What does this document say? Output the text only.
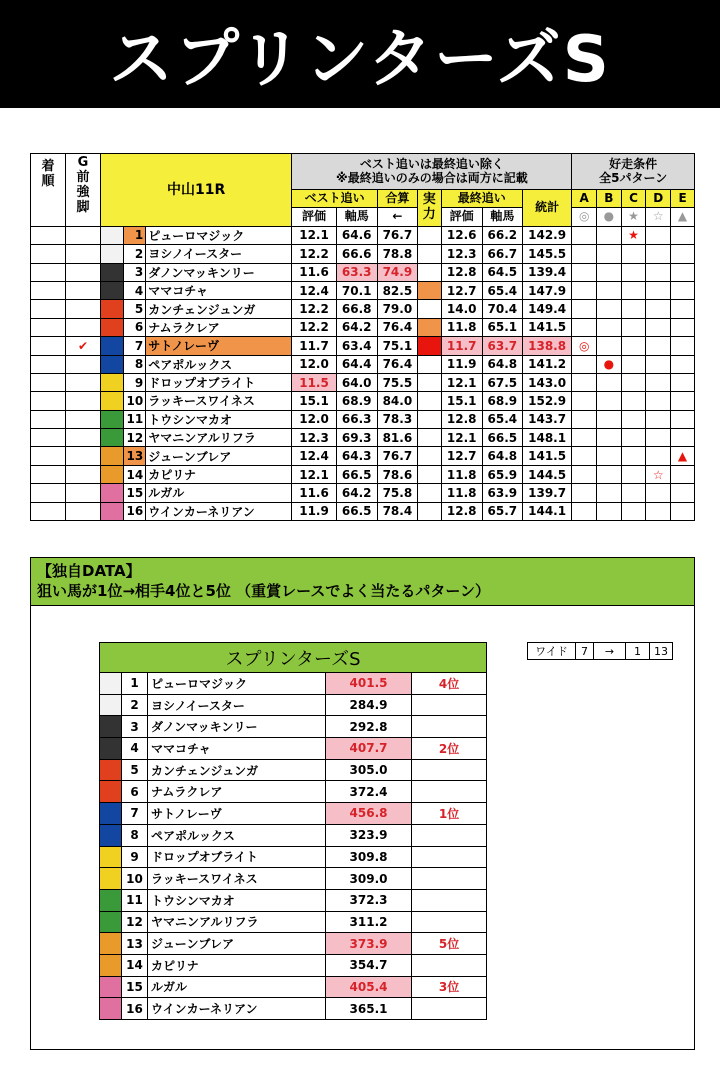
スプリンターズS
着
順	G
前
強
脚	中山11R			ベスト追いは最終追い除く
※最終追いのみの場合は両方に記載							好走条件
全5パターン				
					ベスト追い		合算	実
力	最終追い		統計	A	B	C	D	E
					評価	軸馬	←		評価	軸馬		◎	●	★	☆	▲

			1	ピューロマジック	12.1	64.6	76.7		12.6	66.2	142.9			★		
			2	ヨシノイースター	12.2	66.6	78.8		12.3	66.7	145.5					
			3	ダノンマッキンリー	11.6	63.3	74.9		12.8	64.5	139.4					
			4	ママコチャ	12.4	70.1	82.5		12.7	65.4	147.9					
			5	カンチェンジュンガ	12.2	66.8	79.0		14.0	70.4	149.4					
			6	ナムラクレア	12.2	64.2	76.4		11.8	65.1	141.5					
	✔		7	サトノレーヴ	11.7	63.4	75.1		11.7	63.7	138.8	◎				
			8	ペアポルックス	12.0	64.4	76.4		11.9	64.8	141.2		●			
			9	ドロップオブライト	11.5	64.0	75.5		12.1	67.5	143.0					
			10	ラッキースワイネス	15.1	68.9	84.0		15.1	68.9	152.9					
			11	トウシンマカオ	12.0	66.3	78.3		12.8	65.4	143.7					
			12	ヤマニンアルリフラ	12.3	69.3	81.6		12.1	66.5	148.1					
			13	ジューンブレア	12.4	64.3	76.7		12.7	64.8	141.5					▲
			14	カピリナ	12.1	66.5	78.6		11.8	65.9	144.5				☆	
			15	ルガル	11.6	64.2	75.8		11.8	63.9	139.7					
			16	ウインカーネリアン	11.9	66.5	78.4		12.8	65.7	144.1					
【独自DATA】
狙い馬が1位→相手4位と5位 （重賞レースでよく当たるパターン）
スプリンターズS				
	1	ピューロマジック	401.5	4位
	2	ヨシノイースター	284.9	
	3	ダノンマッキンリー	292.8	
	4	ママコチャ	407.7	2位
	5	カンチェンジュンガ	305.0	
	6	ナムラクレア	372.4	
	7	サトノレーヴ	456.8	1位
	8	ペアポルックス	323.9	
	9	ドロップオブライト	309.8	
	10	ラッキースワイネス	309.0	
	11	トウシンマカオ	372.3	
	12	ヤマニンアルリフラ	311.2	
	13	ジューンブレア	373.9	5位
	14	カピリナ	354.7	
	15	ルガル	405.4	3位
	16	ウインカーネリアン	365.1	
ワイド	7	→	1	13
